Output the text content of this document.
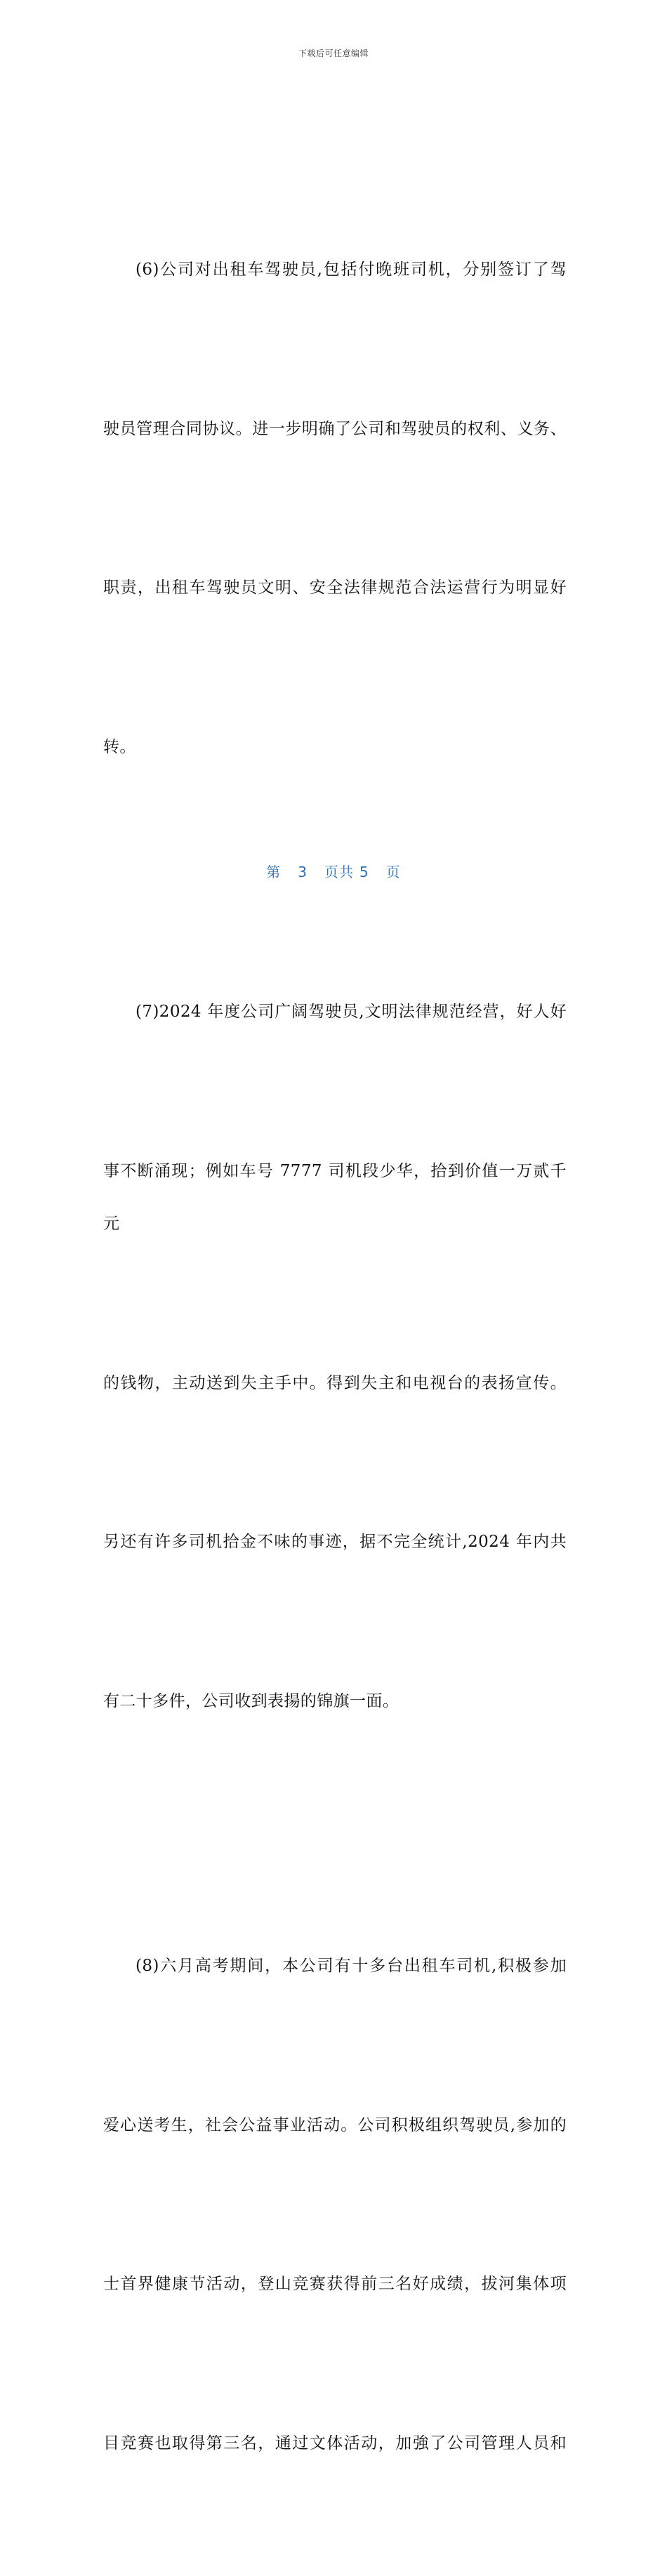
下载后可任意编辑

(6)公司对出租车驾驶员,包括付晚班司机，分别签订了驾

驶员管理合同协议。进一步明确了公司和驾驶员的权利、义务、

职责，出租车驾驶员文明、安全法律规范合法运营行为明显好

转。

(7)2024 年度公司广阔驾驶员,文明法律规范经营，好人好

事不断涌现；例如车号 7777 司机段少华，拾到价值一万贰千元

的钱物，主动送到失主手中。得到失主和电视台的表扬宣传。

另还有许多司机拾金不味的事迹，据不完全统计,2024 年内共

有二十多件，公司收到表揚的锦旗一面。

(8)六月高考期间，本公司有十多台出租车司机,积极参加

爱心送考生，社会公益事业活动。公司积极组织驾驶员,参加的

士首界健康节活动，登山竞赛获得前三名好成绩，拔河集体项

目竞赛也取得第三名，通过文体活动，加強了公司管理人员和

第 3 页共 5 页
